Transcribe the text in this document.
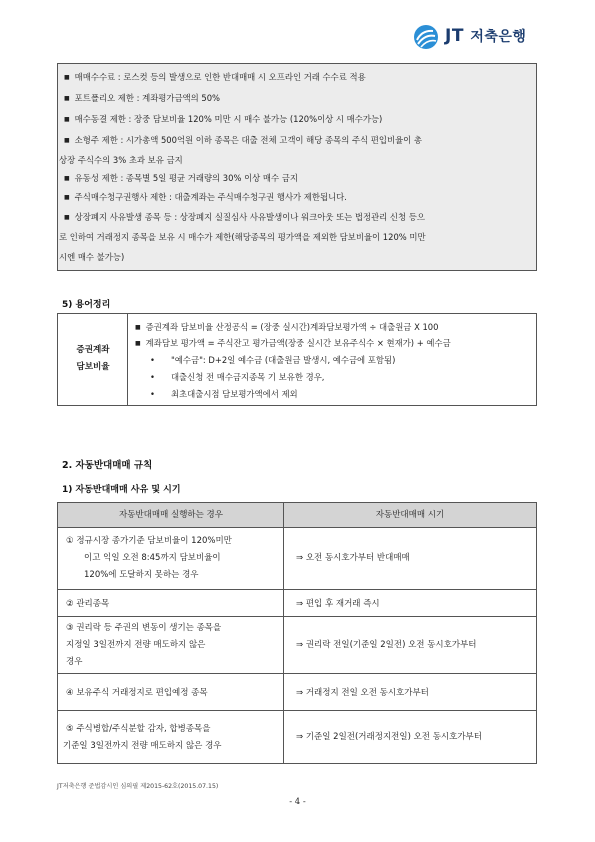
JT 저축은행
■ 매매수수료 : 로스컷 등의 발생으로 인한 반대매매 시 오프라인 거래 수수료 적용
■ 포트폴리오 제한 : 계좌평가금액의 50%
■ 매수동결 제한 : 장중 담보비율 120% 미만 시 매수 불가능 (120%이상 시 매수가능)
■ 소형주 제한 : 시가총액 500억원 이하 종목은 대출 전체 고객이 해당 종목의 주식 편입비율이 총
상장 주식수의 3% 초과 보유 금지
■ 유동성 제한 : 종목별 5일 평균 거래량의 30% 이상 매수 금지
■ 주식매수청구권행사 제한 : 대출계좌는 주식매수청구권 행사가 제한됩니다.
■ 상장폐지 사유발생 종목 등 : 상장폐지 실질심사 사유발생이나 워크아웃 또는 법정관리 신청 등으
로 인하여 거래정지 종목을 보유 시 매수가 제한(해당종목의 평가액을 제외한 담보비율이 120% 미만
시엔 매수 불가능)
5) 용어정리
증권계좌
담보비율
■ 증권계좌 담보비율 산정공식 = (장중 실시간)계좌담보평가액 ÷ 대출원금 X 100
■ 계좌담보 평가액 = 주식잔고 평가금액(장중 실시간 보유주식수 × 현재가) + 예수금
• "예수금": D+2일 예수금 (대출원금 발생시, 예수금에 포함됨)
• 대출신청 전 매수금지종목 기 보유한 경우,
• 최초대출시점 담보평가액에서 제외
2. 자동반대매매 규칙
1) 자동반대매매 사유 및 시기
자동반대매매 실행하는 경우	자동반대매매 시기
① 정규시장 종가기준 담보비율이 120%미만
이고 익일 오전 8:45까지 담보비율이
120%에 도달하지 못하는 경우
⇒ 오전 동시호가부터 반대매매
② 관리종목	⇒ 편입 후 재거래 즉시
③ 권리락 등 주권의 변동이 생기는 종목을
지정일 3일전까지 전량 매도하지 않은
경우
⇒ 권리락 전일(기준일 2일전) 오전 동시호가부터
④ 보유주식 거래정지로 편입예정 종목	⇒ 거래정지 전일 오전 동시호가부터
⑤ 주식병합/주식분할 감자, 합병종목을
기준일 3일전까지 전량 매도하지 않은 경우
⇒ 기준일 2일전(거래정지전일) 오전 동시호가부터
JT저축은행 준법감시인 심의필 제2015-62호(2015.07.15)
- 4 -
